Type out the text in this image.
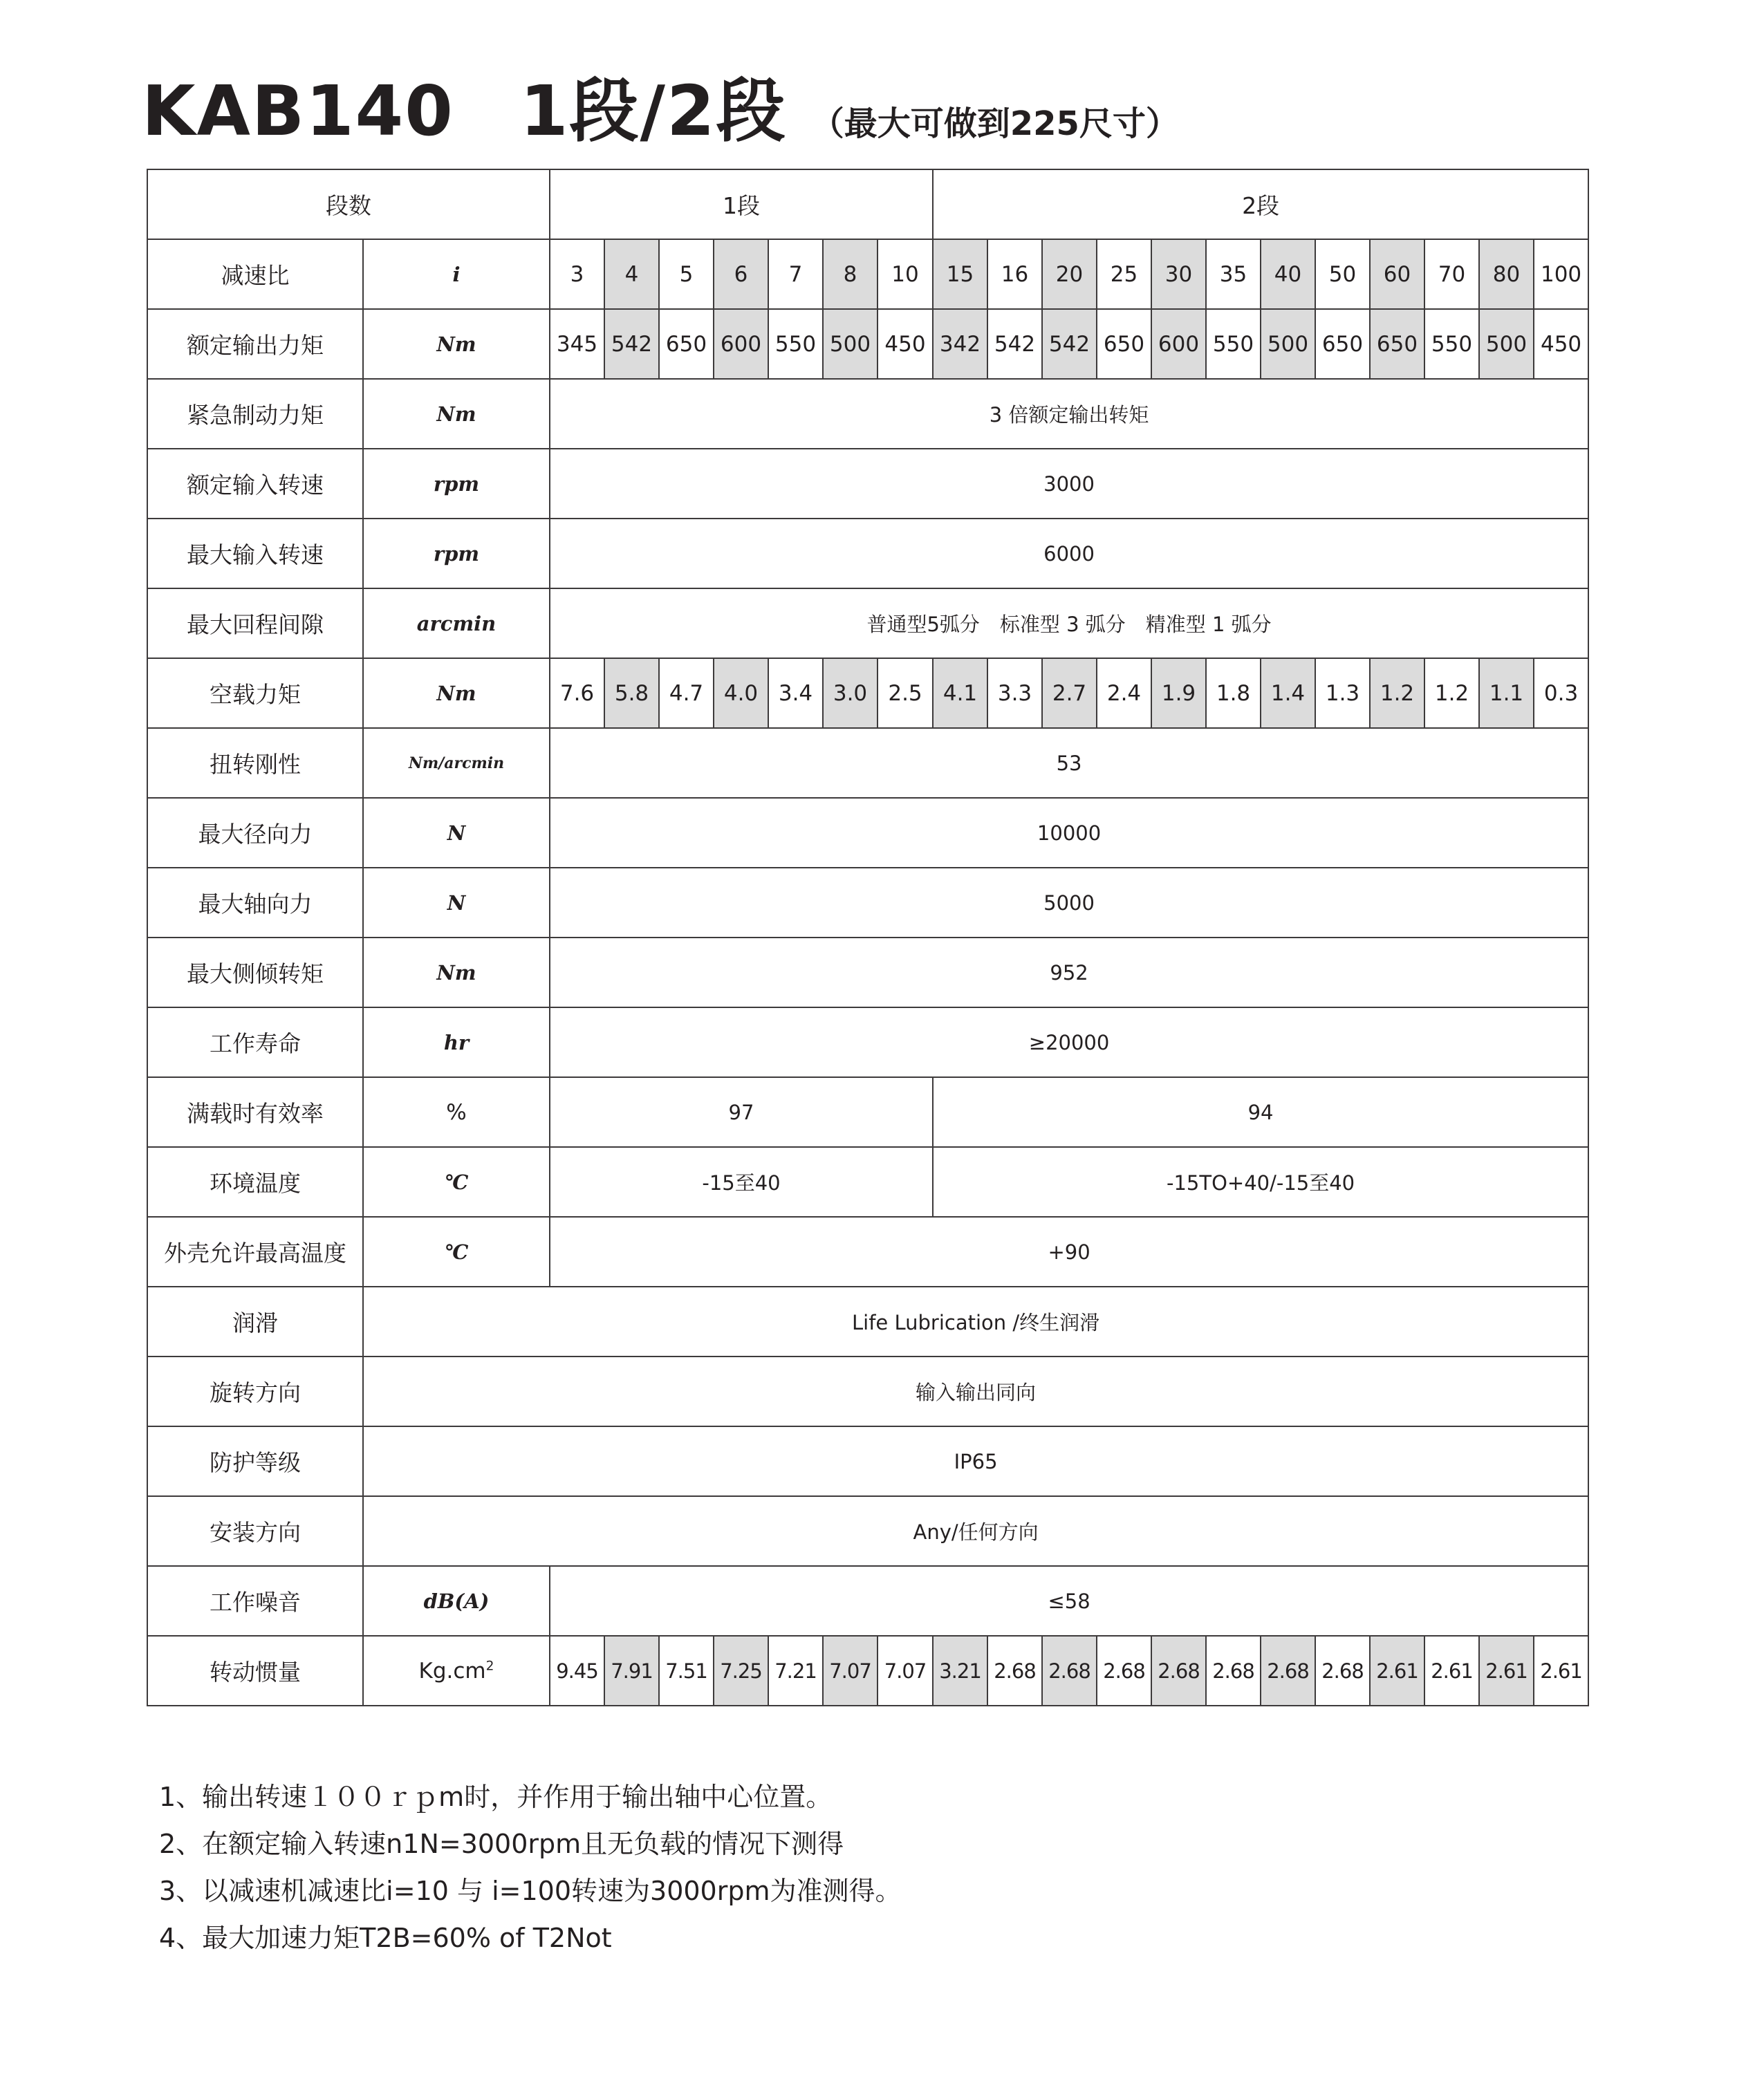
KAB140 1段/2段 （最大可做到225尺寸）
段数		1段							2段											
减速比	i	3	4	5	6	7	8	10	15	16	20	25	30	35	40	50	60	70	80	100
额定输出力矩	Nm	345	542	650	600	550	500	450	342	542	542	650	600	550	500	650	650	550	500	450
紧急制动力矩	Nm	3 倍额定输出转矩																		
额定输入转速	rpm	3000																		
最大输入转速	rpm	6000																		
最大回程间隙	arcmin	普通型5弧分　标准型 3 弧分　精准型 1 弧分																		
空载力矩	Nm	7.6	5.8	4.7	4.0	3.4	3.0	2.5	4.1	3.3	2.7	2.4	1.9	1.8	1.4	1.3	1.2	1.2	1.1	0.3
扭转刚性	Nm/arcmin	53																		
最大径向力	N	10000																		
最大轴向力	N	5000																		
最大侧倾转矩	Nm	952																		
工作寿命	hr	≥20000																		
满载时有效率	%	97							94											
环境温度	℃	-15至40							-15TO+40/-15至40											
外壳允许最高温度	℃	+90																		
润滑	Life Lubrication /终生润滑																			
旋转方向	输入输出同向																			
防护等级	IP65																			
安装方向	Any/任何方向																			
工作噪音	dB(A)	≤58																		
转动惯量	$Kg.cm^2$	9.45	7.91	7.51	7.25	7.21	7.07	7.07	3.21	2.68	2.68	2.68	2.68	2.68	2.68	2.68	2.61	2.61	2.61	2.61
1、输出转速１００ｒｐm时，并作用于输出轴中心位置。
2、在额定输入转速n1N=3000rpm且无负载的情况下测得
3、以减速机减速比i=10 与 i=100转速为3000rpm为准测得。
4、最大加速力矩T2B=60% of T2Not
